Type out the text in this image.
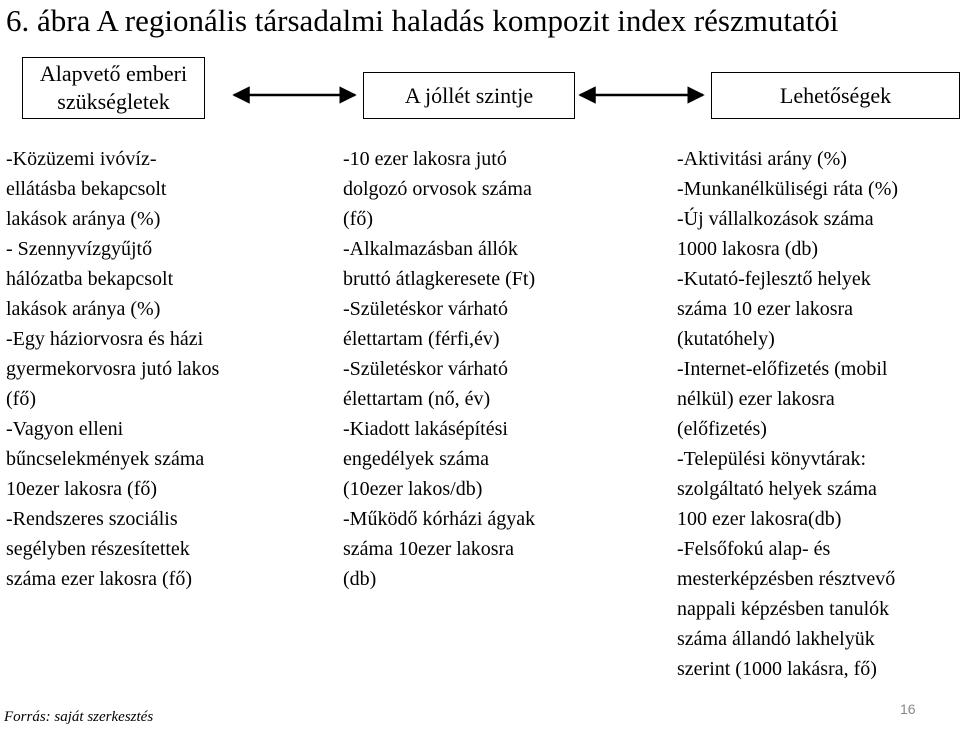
6. ábra A regionális társadalmi haladás kompozit index részmutatói
Alapvető emberi szükségletek	A jóllét szintje	Lehetőségek

-Közüzemi ivóvíz-
ellátásba bekapcsolt
lakások aránya (%)
- Szennyvízgyűjtő
hálózatba bekapcsolt
lakások aránya (%)
-Egy háziorvosra és házi
gyermekorvosra jutó lakos
(fő)
-Vagyon elleni
bűncselekmények száma
10ezer lakosra (fő)
-Rendszeres szociális
segélyben részesítettek
száma ezer lakosra (fő)

-10 ezer lakosra jutó
dolgozó orvosok száma
(fő)
-Alkalmazásban állók
bruttó átlagkeresete (Ft)
-Születéskor várható
élettartam (férfi,év)
-Születéskor várható
élettartam (nő, év)
-Kiadott lakásépítési
engedélyek száma
(10ezer lakos/db)
-Működő kórházi ágyak
száma 10ezer lakosra
(db)

-Aktivitási arány (%)
-Munkanélküliségi ráta (%)
-Új vállalkozások száma
1000 lakosra (db)
-Kutató-fejlesztő helyek
száma 10 ezer lakosra
(kutatóhely)
-Internet-előfizetés (mobil
nélkül) ezer lakosra
(előfizetés)
-Települési könyvtárak:
szolgáltató helyek száma
100 ezer lakosra(db)
-Felsőfokú alap- és
mesterképzésben résztvevő
nappali képzésben tanulók
száma állandó lakhelyük
szerint (1000 lakásra, fő)

Forrás: saját szerkesztés	16
